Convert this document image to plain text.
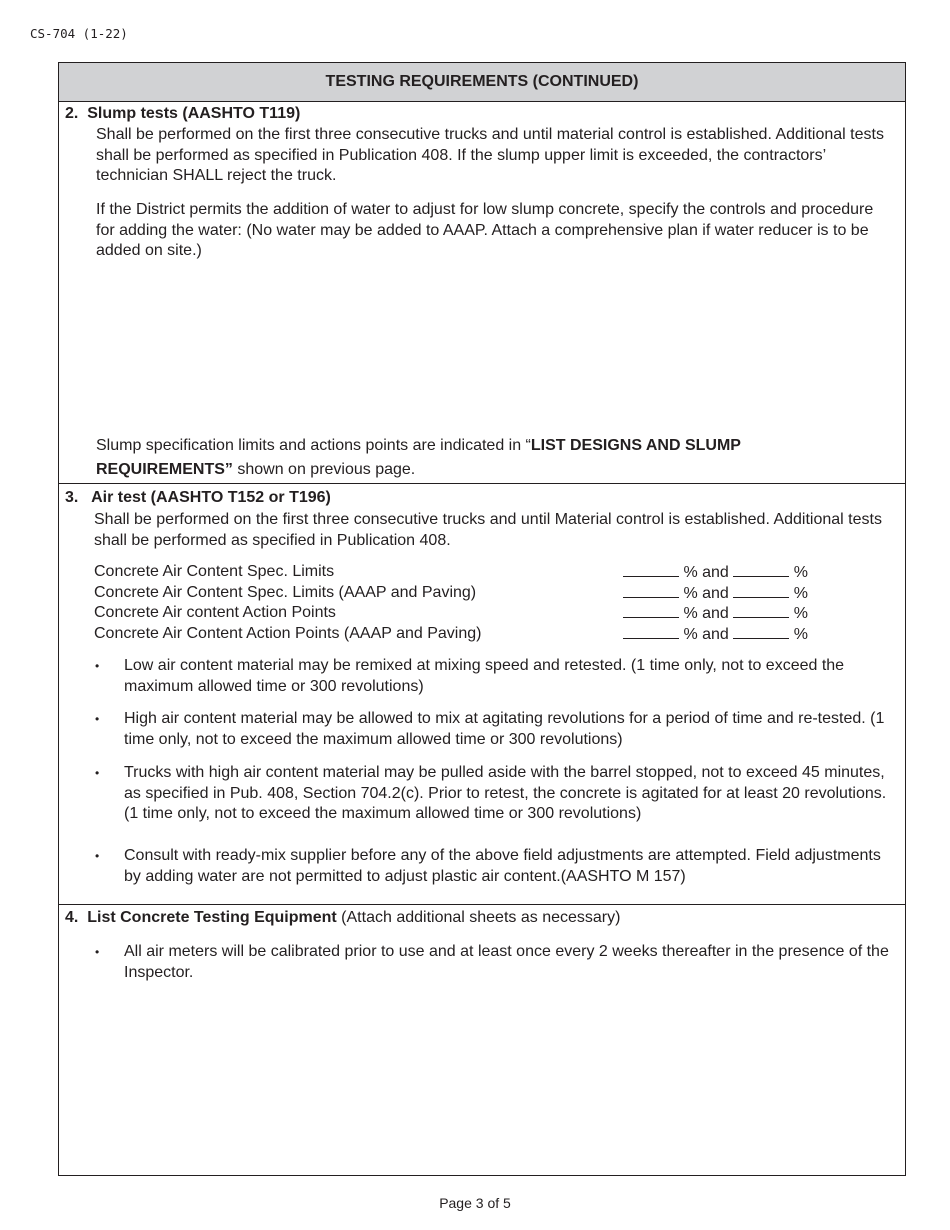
CS-704 (1-22)
TESTING REQUIREMENTS (CONTINUED)
2. Slump tests (AASHTO T119)
Shall be performed on the first three consecutive trucks and until material control is established. Additional tests shall be performed as specified in Publication 408. If the slump upper limit is exceeded, the contractors’ technician SHALL reject the truck.
If the District permits the addition of water to adjust for low slump concrete, specify the controls and procedure for adding the water: (No water may be added to AAAP. Attach a comprehensive plan if water reducer is to be added on site.)
Slump specification limits and actions points are indicated in “LIST DESIGNS AND SLUMP REQUIREMENTS” shown on previous page.
3. Air test (AASHTO T152 or T196)
Shall be performed on the first three consecutive trucks and until Material control is established. Additional tests shall be performed as specified in Publication 408.
Concrete Air Content Spec. Limits	% and	%
Concrete Air Content Spec. Limits (AAAP and Paving)	% and	%
Concrete Air content Action Points	% and	%
Concrete Air Content Action Points (AAAP and Paving)	% and	%
• Low air content material may be remixed at mixing speed and retested. (1 time only, not to exceed the maximum allowed time or 300 revolutions)
• High air content material may be allowed to mix at agitating revolutions for a period of time and re-tested. (1 time only, not to exceed the maximum allowed time or 300 revolutions)
• Trucks with high air content material may be pulled aside with the barrel stopped, not to exceed 45 minutes, as specified in Pub. 408, Section 704.2(c). Prior to retest, the concrete is agitated for at least 20 revolutions. (1 time only, not to exceed the maximum allowed time or 300 revolutions)
• Consult with ready-mix supplier before any of the above field adjustments are attempted. Field adjustments by adding water are not permitted to adjust plastic air content.(AASHTO M 157)
4. List Concrete Testing Equipment (Attach additional sheets as necessary)
• All air meters will be calibrated prior to use and at least once every 2 weeks thereafter in the presence of the Inspector.
Page 3 of 5
